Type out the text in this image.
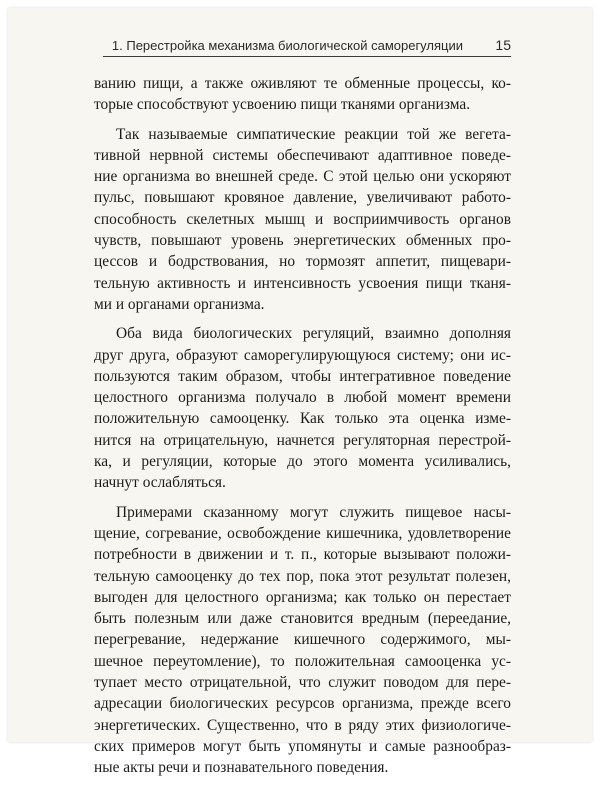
1. Перестройка механизма биологической саморегуляции 15

ванию пищи, а также оживляют те обменные процессы, ко-
торые способствуют усвоению пищи тканями организма.

Так называемые симпатические реакции той же вегета-
тивной нервной системы обеспечивают адаптивное поведе-
ние организма во внешней среде. С этой целью они ускоряют
пульс, повышают кровяное давление, увеличивают работо-
способность скелетных мышц и восприимчивость органов
чувств, повышают уровень энергетических обменных про-
цессов и бодрствования, но тормозят аппетит, пищевари-
тельную активность и интенсивность усвоения пищи тканя-
ми и органами организма.

Оба вида биологических регуляций, взаимно дополняя
друг друга, образуют саморегулирующуюся систему; они ис-
пользуются таким образом, чтобы интегративное поведение
целостного организма получало в любой момент времени
положительную самооценку. Как только эта оценка изме-
нится на отрицательную, начнется регуляторная перестрой-
ка, и регуляции, которые до этого момента усиливались,
начнут ослабляться.

Примерами сказанному могут служить пищевое насы-
щение, согревание, освобождение кишечника, удовлетворение
потребности в движении и т. п., которые вызывают положи-
тельную самооценку до тех пор, пока этот результат полезен,
выгоден для целостного организма; как только он перестает
быть полезным или даже становится вредным (переедание,
перегревание, недержание кишечного содержимого, мы-
шечное переутомление), то положительная самооценка ус-
тупает место отрицательной, что служит поводом для пере-
адресации биологических ресурсов организма, прежде всего
энергетических. Существенно, что в ряду этих физиологиче-
ских примеров могут быть упомянуты и самые разнообраз-
ные акты речи и познавательного поведения.
